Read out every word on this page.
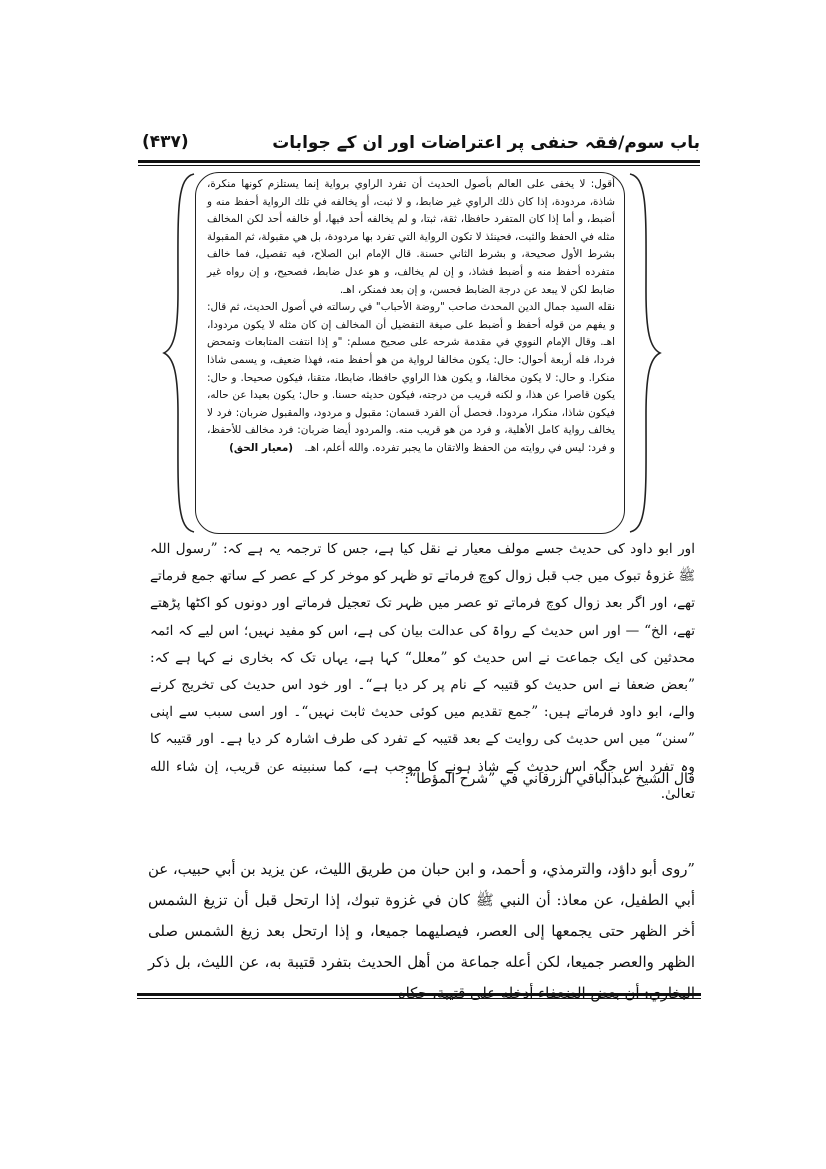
(۴۳۷)	باب سوم/فقہ حنفی پر اعتراضات اور ان کے جوابات

أقول: لا يخفى على العالم بأصول الحديث أن تفرد الراوي برواية إنما يستلزم كونها منكرة، شاذة، مردودة، إذا كان ذلك الراوي غير ضابط، و لا ثبت، أو يخالفه في تلك الرواية أحفظ منه و أضبط، و أما إذا كان المتفرد حافظا، ثقة، ثبتا، و لم يخالفه أحد فيها، أو خالفه أحد لكن المخالف مثله في الحفظ والثبت، فحينئذ لا تكون الرواية التي تفرد بها مردودة، بل هي مقبولة، ثم المقبولة بشرط الأول صحيحة، و بشرط الثاني حسنة. قال الإمام ابن الصلاح، فيه تفصيل، فما خالف متفرده أحفظ منه و أضبط فشاذ، و إن لم يخالف، و هو عدل ضابط، فصحيح، و إن رواه غير ضابط لكن لا يبعد عن درجة الضابط فحسن، و إن بعد فمنكر، اهـ.

نقله السيد جمال الدين المحدث صاحب "روضة الأحباب" في رسالته في أصول الحديث، ثم قال: و يفهم من قوله أحفظ و أضبط على صيغة التفضيل أن المخالف إن كان مثله لا يكون مردودا، اهـ. وقال الإمام النووي في مقدمة شرحه على صحيح مسلم: "و إذا انتفت المتابعات وتمحض فردا، فله أربعة أحوال: حال: يكون مخالفا لرواية من هو أحفظ منه، فهذا ضعيف، و يسمى شاذا منكرا. و حال: لا يكون مخالفا، و يكون هذا الراوي حافظا، ضابطا، متقنا، فيكون صحيحا. و حال: يكون قاصرا عن هذا، و لكنه قريب من درجته، فيكون حديثه حسنا. و حال: يكون بعيدا عن حاله، فيكون شاذا، منكرا، مردودا. فحصل أن الفرد قسمان: مقبول و مردود، والمقبول ضربان: فرد لا يخالف رواية كامل الأهلية، و فرد من هو قريب منه. والمردود أيضا ضربان: فرد مخالف للأحفظ، و فرد: ليس في روايته من الحفظ والاتقان ما يجبر تفرده. والله أعلم، اهـ. (معیار الحق)

اور ابو داود کی حدیث جسے مولف معیار نے نقل کیا ہے، جس کا ترجمہ یہ ہے کہ: ”رسول اللہ ﷺ غزوۂ تبوک میں جب قبل زوال کوچ فرماتے تو ظہر کو موخر کر کے عصر کے ساتھ جمع فرماتے تھے، اور اگر بعد زوال کوچ فرماتے تو عصر میں ظہر تک تعجیل فرماتے اور دونوں کو اکٹھا پڑھتے تھے، الخ“ — اور اس حدیث کے رواۃ کی عدالت بیان کی ہے، اس کو مفید نہیں؛ اس لیے کہ ائمہ محدثین کی ایک جماعت نے اس حدیث کو ”معلل“ کہا ہے، یہاں تک کہ بخاری نے کہا ہے کہ: ”بعض ضعفا نے اس حدیث کو قتیبہ کے نام پر کر دیا ہے“۔ اور خود اس حدیث کی تخریج کرنے والے، ابو داود فرماتے ہیں: ”جمع تقدیم میں کوئی حدیث ثابت نہیں“۔ اور اسی سبب سے اپنی ”سنن“ میں اس حدیث کی روایت کے بعد قتیبہ کے تفرد کی طرف اشارہ کر دیا ہے۔ اور قتیبہ کا وہ تفرد اس جگہ اس حدیث کے شاذ ہونے کا موجب ہے، كما سنبينه عن قريب، إن شاء الله تعالیٰ.

قال الشيخ عبدالباقي الزرقاني في ”شرح المؤطا“:

”روى أبو داؤد، والترمذي، و أحمد، و ابن حبان من طريق الليث، عن يزيد بن أبي حبيب، عن أبي الطفيل، عن معاذ: أن النبي ﷺ كان في غزوة تبوك، إذا ارتحل قبل أن تزيغ الشمس أخر الظهر حتى يجمعها إلى العصر، فيصليهما جميعا، و إذا ارتحل بعد زيغ الشمس صلى الظهر والعصر جميعا، لكن أعله جماعة من أهل الحديث بتفرد قتيبة به، عن الليث، بل ذكر
